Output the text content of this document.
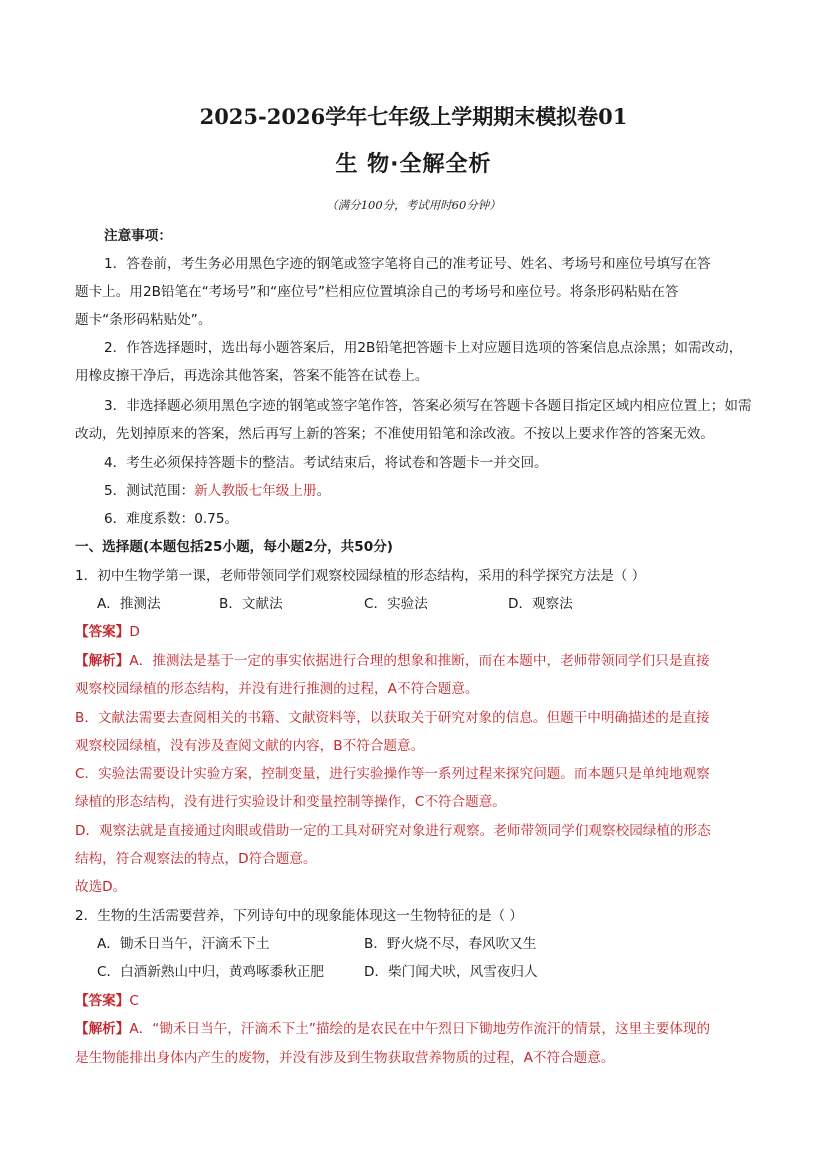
2025-2026学年七年级上学期期末模拟卷01
生 物·全解全析
（满分100分，考试用时60分钟）
注意事项：
1．答卷前，考生务必用黑色字迹的钢笔或签字笔将自己的准考证号、姓名、考场号和座位号填写在答
题卡上。用2B铅笔在“考场号”和“座位号”栏相应位置填涂自己的考场号和座位号。将条形码粘贴在答
题卡“条形码粘贴处”。
2．作答选择题时，选出每小题答案后，用2B铅笔把答题卡上对应题目选项的答案信息点涂黑；如需改动，
用橡皮擦干净后，再选涂其他答案，答案不能答在试卷上。
3．非选择题必须用黑色字迹的钢笔或签字笔作答，答案必须写在答题卡各题目指定区域内相应位置上；如需
改动，先划掉原来的答案，然后再写上新的答案；不准使用铅笔和涂改液。不按以上要求作答的答案无效。
4．考生必须保持答题卡的整洁。考试结束后，将试卷和答题卡一并交回。
5．测试范围：新人教版七年级上册。
6．难度系数：0.75。
一、选择题(本题包括25小题，每小题2分，共50分)
1．初中生物学第一课，老师带领同学们观察校园绿植的形态结构，采用的科学探究方法是（ ）
A．推测法	B．文献法	C．实验法	D．观察法
【答案】D
【解析】A．推测法是基于一定的事实依据进行合理的想象和推断，而在本题中，老师带领同学们只是直接
观察校园绿植的形态结构，并没有进行推测的过程，A不符合题意。
B．文献法需要去查阅相关的书籍、文献资料等，以获取关于研究对象的信息。但题干中明确描述的是直接
观察校园绿植，没有涉及查阅文献的内容，B不符合题意。
C．实验法需要设计实验方案，控制变量，进行实验操作等一系列过程来探究问题。而本题只是单纯地观察
绿植的形态结构，没有进行实验设计和变量控制等操作，C不符合题意。
D．观察法就是直接通过肉眼或借助一定的工具对研究对象进行观察。老师带领同学们观察校园绿植的形态
结构，符合观察法的特点，D符合题意。
故选D。
2．生物的生活需要营养，下列诗句中的现象能体现这一生物特征的是（ ）
A．锄禾日当午，汗滴禾下土	B．野火烧不尽，春风吹又生
C．白酒新熟山中归，黄鸡啄黍秋正肥	D．柴门闻犬吠，风雪夜归人
【答案】C
【解析】A．“锄禾日当午，汗滴禾下土”描绘的是农民在中午烈日下锄地劳作流汗的情景，这里主要体现的
是生物能排出身体内产生的废物，并没有涉及到生物获取营养物质的过程，A不符合题意。
